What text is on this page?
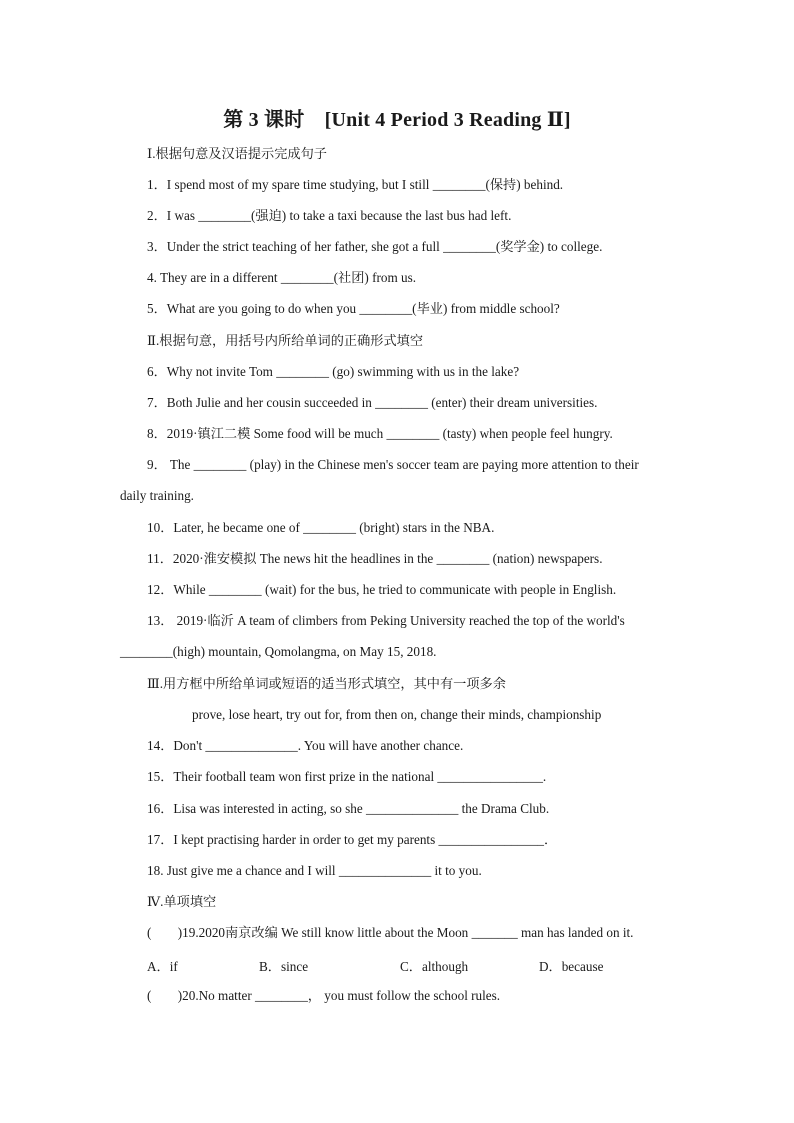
第 3 课时　[Unit 4 Period 3 Reading Ⅱ]
Ⅰ.根据句意及汉语提示完成句子
1．I spend most of my spare time studying, but I still ________(保持) behind.
2．I was ________(强迫) to take a taxi because the last bus had left.
3．Under the strict teaching of her father, she got a full ________(奖学金) to college.
4. They are in a different ________(社团) from us.
5．What are you going to do when you ________(毕业) from middle school?
Ⅱ.根据句意，用括号内所给单词的正确形式填空
6．Why not invite Tom ________ (go) swimming with us in the lake?
7．Both Julie and her cousin succeeded in ________ (enter) their dream universities.
8．2019·镇江二模 Some food will be much ________ (tasty) when people feel hungry.
9． The ________ (play) in the Chinese men's soccer team are paying more attention to their
daily training.
10．Later, he became one of ________ (bright) stars in the NBA.
11．2020·淮安模拟 The news hit the headlines in the ________ (nation) newspapers.
12．While ________ (wait) for the bus, he tried to communicate with people in English.
13． 2019·临沂 A team of climbers from Peking University reached the top of the world's
________(high) mountain, Qomolangma, on May 15, 2018.
Ⅲ.用方框中所给单词或短语的适当形式填空，其中有一项多余
prove, lose heart, try out for, from then on, change their minds, championship
14．Don't ______________. You will have another chance.
15．Their football team won first prize in the national ________________.
16．Lisa was interested in acting, so she ______________ the Drama Club.
17．I kept practising harder in order to get my parents ________________．
18. Just give me a chance and I will ______________ it to you.
Ⅳ.单项填空
(　　)19.2020南京改编 We still know little about the Moon _______ man has landed on it.
A．if	B．since	C．although	D．because
(　　)20.No matter ________， you must follow the school rules.
